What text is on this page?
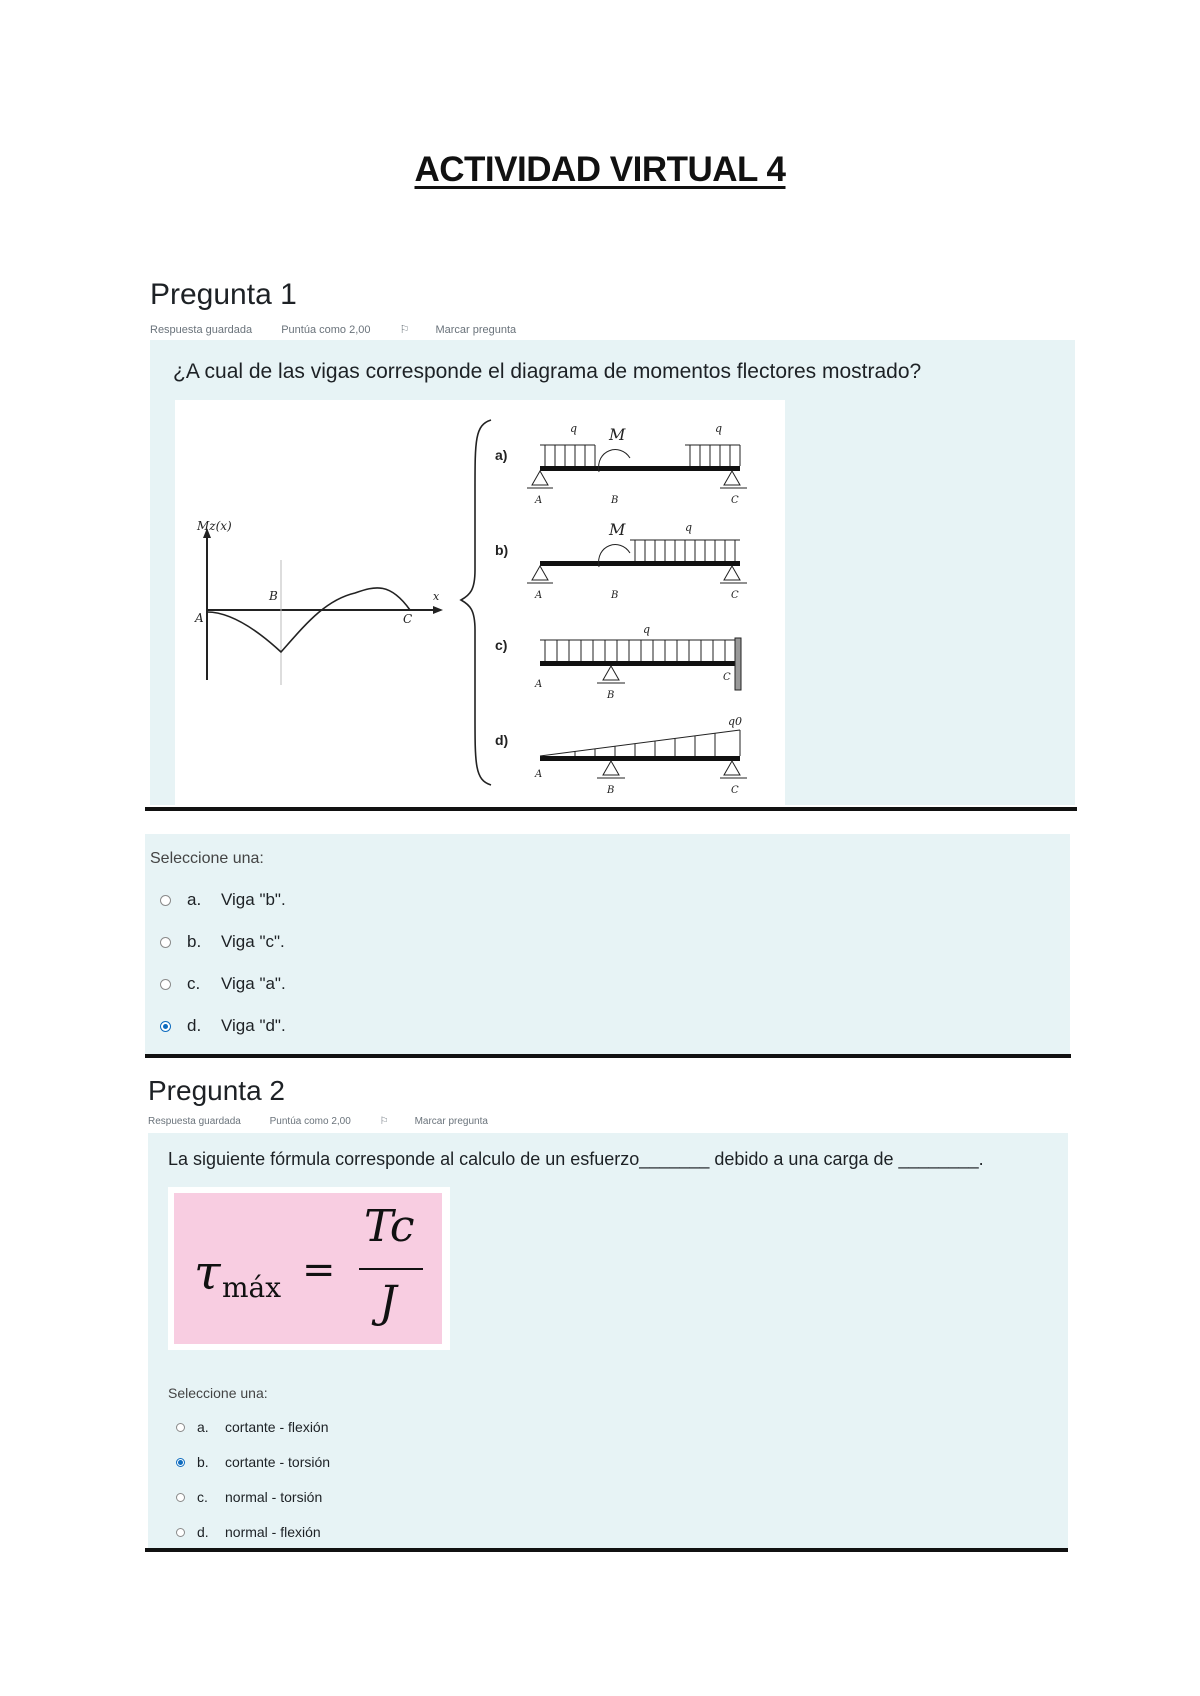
ACTIVIDAD VIRTUAL 4
Pregunta 1
Respuesta guardada	Puntúa como 2,00	⚐ Marcar pregunta
¿A cual de las vigas corresponde el diagrama de momentos flectores mostrado?
Mz(x)
x
A
B
C
a)
b)
c)
d)
q	q
M
A	B	C
M	q
A	B	C
q
A
B
C
q0
A
B	C
Seleccione una:
a.	Viga "b".
b.	Viga "c".
c.	Viga "a".
d.	Viga "d".
Pregunta 2
Respuesta guardada	Puntúa como 2,00	⚐	Marcar pregunta
La siguiente fórmula corresponde al calculo de un esfuerzo_______ debido a una carga de ________.
τ máx =
Tc
J
Seleccione una:
a.	cortante - flexión
b.	cortante - torsión
c.	normal - torsión
d.	normal - flexión
